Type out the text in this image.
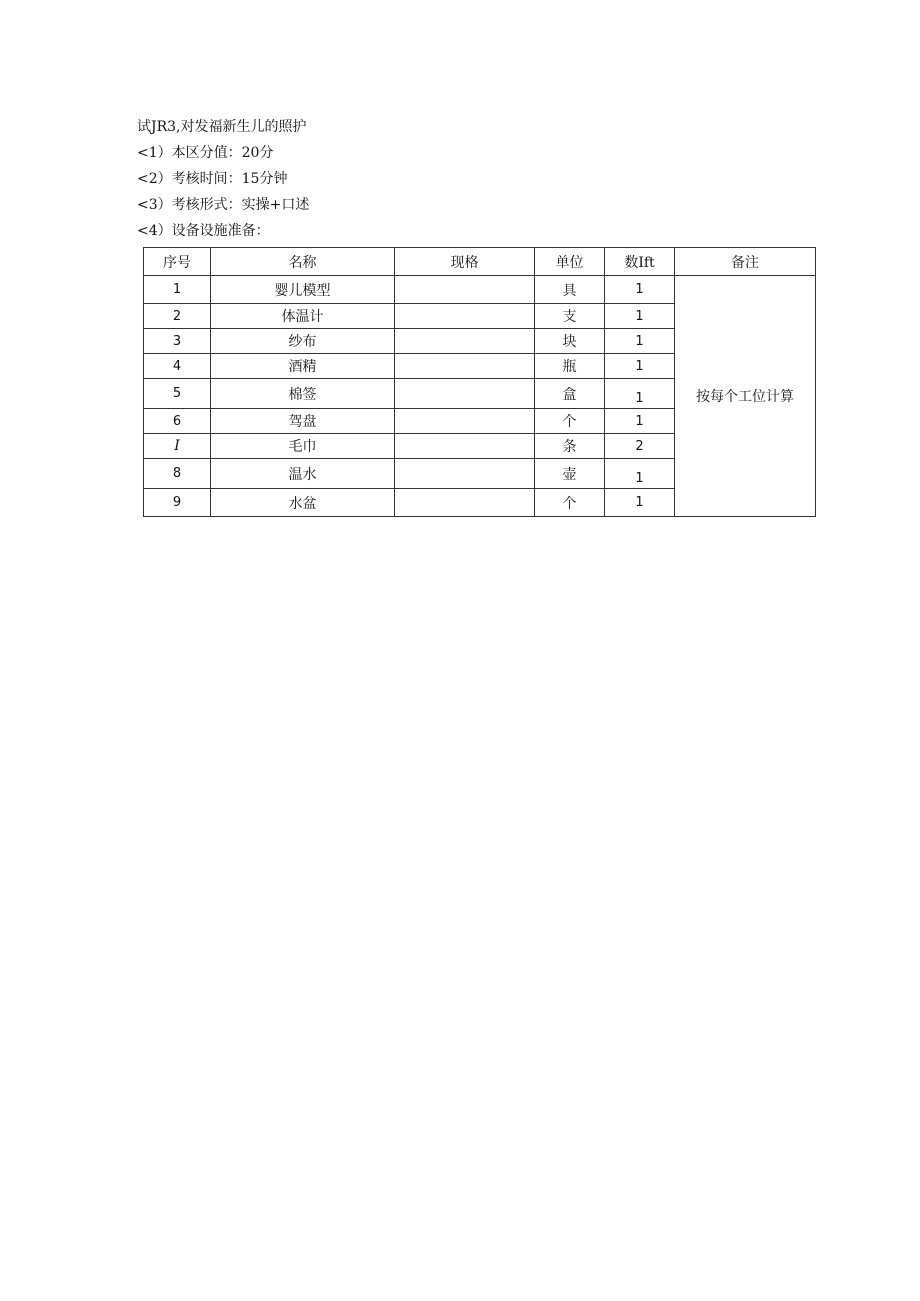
试JR3,对发福新生儿的照护
<1）本区分值：20分
<2）考核时间：15分钟
<3）考核形式：实操+口述
<4）设备设施准备：
序号	名称	现格	单位	数Ift	备注
1	婴儿模型		具	1	按每个工位计算
2	体温计		支	1	
3	纱布		块	1	
4	酒精		瓶	1	
5	棉签		盒	1	
6	驾盘		个	1	
I	毛巾		条	2	
8	温水		壶	1	
9	水盆		个	1	
